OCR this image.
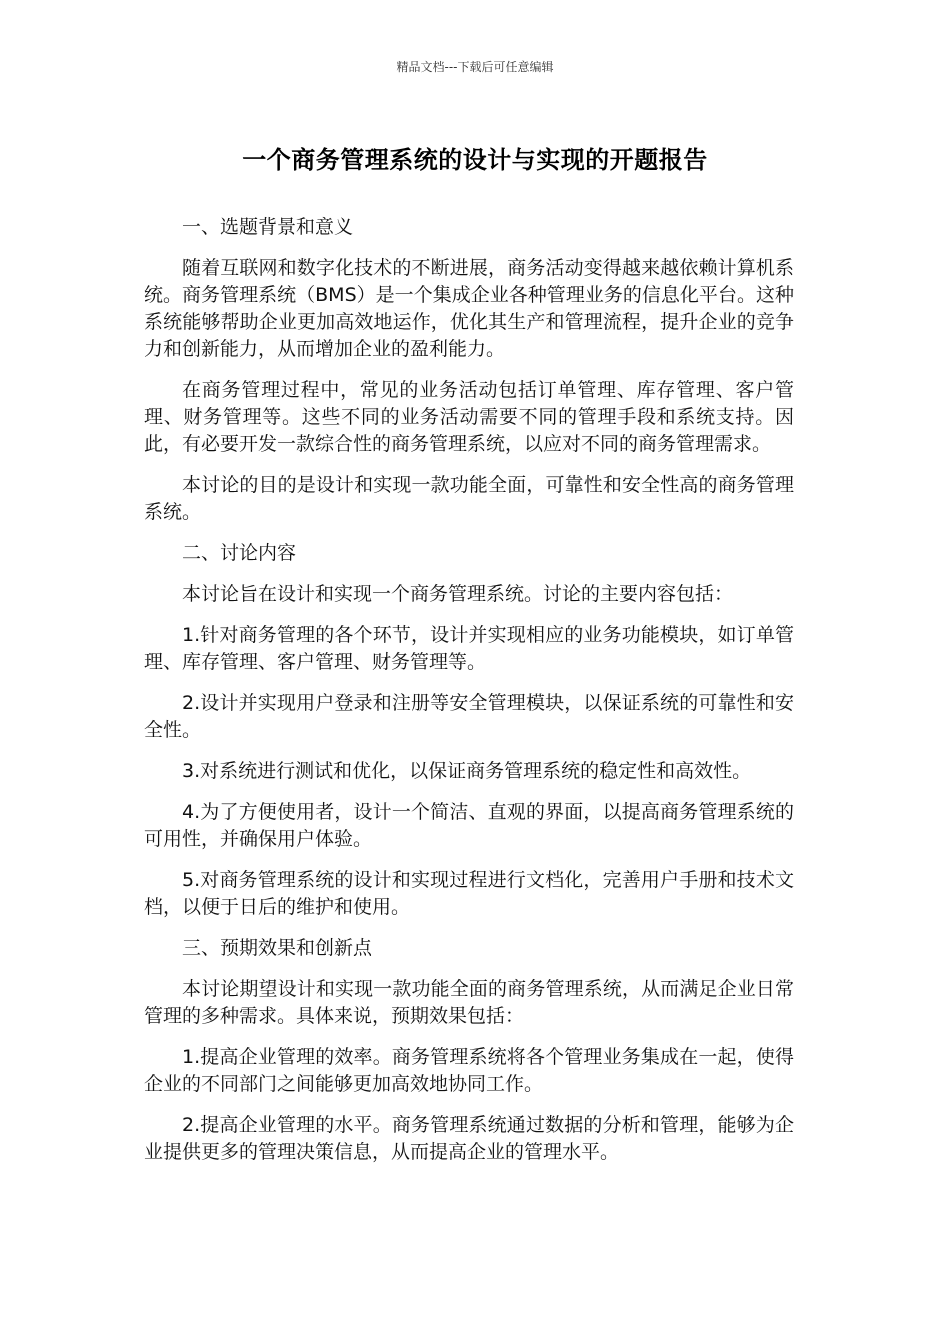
精品文档---下载后可任意编辑
一个商务管理系统的设计与实现的开题报告

一、选题背景和意义

随着互联网和数字化技术的不断进展，商务活动变得越来越依赖计算机系统。商务管理系统（BMS）是一个集成企业各种管理业务的信息化平台。这种系统能够帮助企业更加高效地运作，优化其生产和管理流程，提升企业的竞争力和创新能力，从而增加企业的盈利能力。

在商务管理过程中，常见的业务活动包括订单管理、库存管理、客户管理、财务管理等。这些不同的业务活动需要不同的管理手段和系统支持。因此，有必要开发一款综合性的商务管理系统，以应对不同的商务管理需求。

本讨论的目的是设计和实现一款功能全面，可靠性和安全性高的商务管理系统。

二、讨论内容

本讨论旨在设计和实现一个商务管理系统。讨论的主要内容包括：

1.针对商务管理的各个环节，设计并实现相应的业务功能模块，如订单管理、库存管理、客户管理、财务管理等。

2.设计并实现用户登录和注册等安全管理模块，以保证系统的可靠性和安全性。

3.对系统进行测试和优化，以保证商务管理系统的稳定性和高效性。

4.为了方便使用者，设计一个简洁、直观的界面，以提高商务管理系统的可用性，并确保用户体验。

5.对商务管理系统的设计和实现过程进行文档化，完善用户手册和技术文档，以便于日后的维护和使用。

三、预期效果和创新点

本讨论期望设计和实现一款功能全面的商务管理系统，从而满足企业日常管理的多种需求。具体来说，预期效果包括：

1.提高企业管理的效率。商务管理系统将各个管理业务集成在一起，使得企业的不同部门之间能够更加高效地协同工作。

2.提高企业管理的水平。商务管理系统通过数据的分析和管理，能够为企业提供更多的管理决策信息，从而提高企业的管理水平。
